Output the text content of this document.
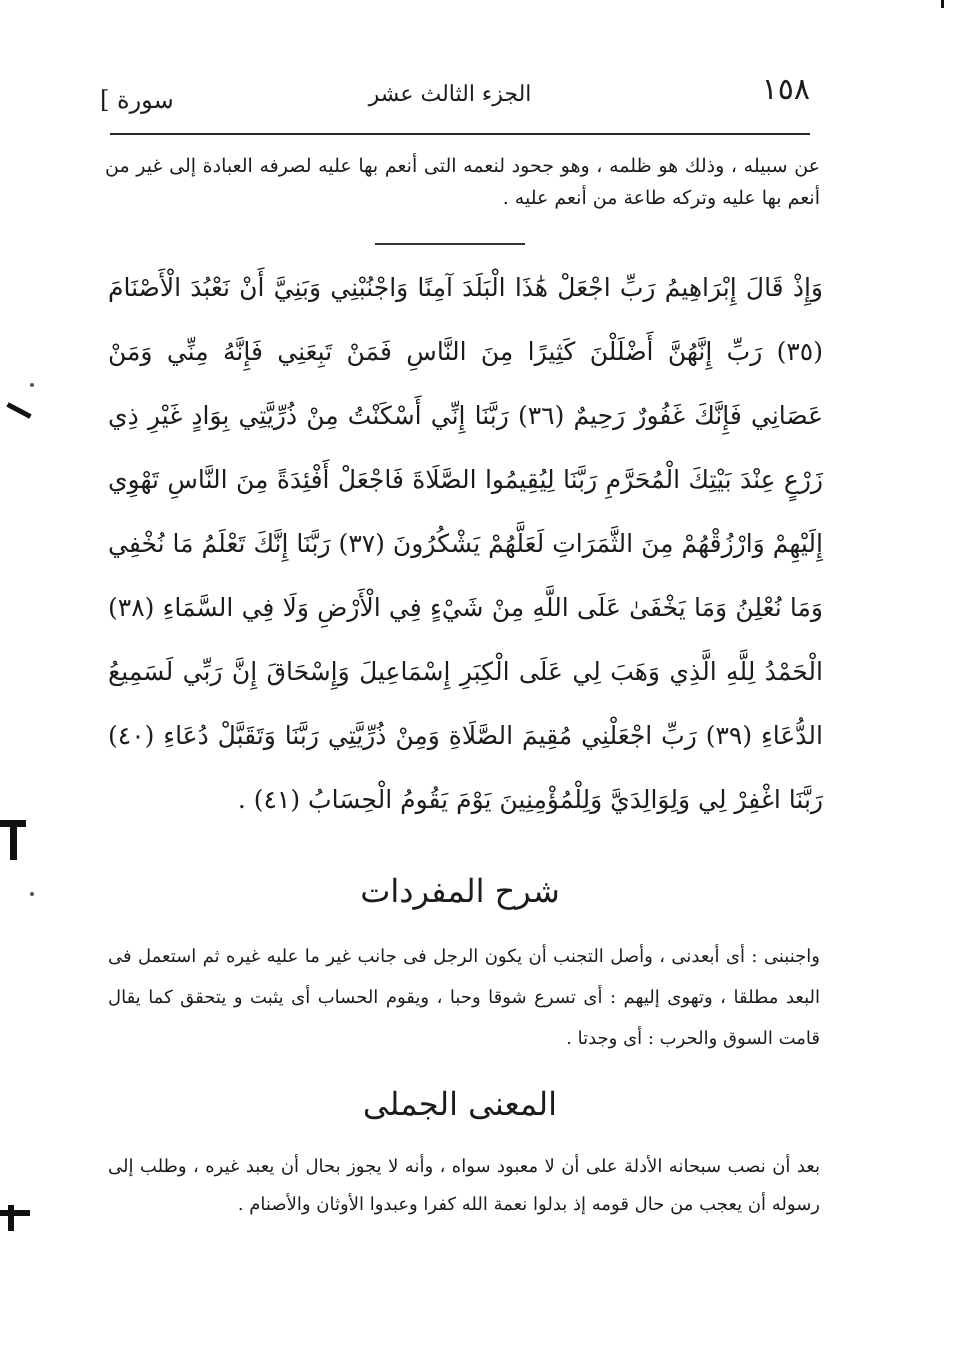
١٥٨
الجزء الثالث عشر
[ سورة
عن سبيله ، وذلك هو ظلمه ، وهو جحود لنعمه التى أنعم بها عليه لصرفه العبادة إلى غير من أنعم بها عليه وتركه طاعة من أنعم عليه .
وَإِذْ قَالَ إِبْرَاهِيمُ رَبِّ اجْعَلْ هَٰذَا الْبَلَدَ آمِنًا وَاجْنُبْنِي وَبَنِيَّ أَنْ نَعْبُدَ الْأَصْنَامَ (٣٥) رَبِّ إِنَّهُنَّ أَضْلَلْنَ كَثِيرًا مِنَ النَّاسِ فَمَنْ تَبِعَنِي فَإِنَّهُ مِنِّي وَمَنْ عَصَانِي فَإِنَّكَ غَفُورٌ رَحِيمٌ (٣٦) رَبَّنَا إِنِّي أَسْكَنْتُ مِنْ ذُرِّيَّتِي بِوَادٍ غَيْرِ ذِي زَرْعٍ عِنْدَ بَيْتِكَ الْمُحَرَّمِ رَبَّنَا لِيُقِيمُوا الصَّلَاةَ فَاجْعَلْ أَفْئِدَةً مِنَ النَّاسِ تَهْوِي إِلَيْهِمْ وَارْزُقْهُمْ مِنَ الثَّمَرَاتِ لَعَلَّهُمْ يَشْكُرُونَ (٣٧) رَبَّنَا إِنَّكَ تَعْلَمُ مَا نُخْفِي وَمَا نُعْلِنُ وَمَا يَخْفَىٰ عَلَى اللَّهِ مِنْ شَيْءٍ فِي الْأَرْضِ وَلَا فِي السَّمَاءِ (٣٨) الْحَمْدُ لِلَّهِ الَّذِي وَهَبَ لِي عَلَى الْكِبَرِ إِسْمَاعِيلَ وَإِسْحَاقَ إِنَّ رَبِّي لَسَمِيعُ الدُّعَاءِ (٣٩) رَبِّ اجْعَلْنِي مُقِيمَ الصَّلَاةِ وَمِنْ ذُرِّيَّتِي رَبَّنَا وَتَقَبَّلْ دُعَاءِ (٤٠) رَبَّنَا اغْفِرْ لِي وَلِوَالِدَيَّ وَلِلْمُؤْمِنِينَ يَوْمَ يَقُومُ الْحِسَابُ (٤١) .
شرح المفردات
واجنبنى : أى أبعدنى ، وأصل التجنب أن يكون الرجل فى جانب غير ما عليه غيره ثم استعمل فى البعد مطلقا ، وتهوى إليهم : أى تسرع شوقا وحبا ، ويقوم الحساب أى يثبت و يتحقق كما يقال قامت السوق والحرب : أى وجدتا .
المعنى الجملى
بعد أن نصب سبحانه الأدلة على أن لا معبود سواه ، وأنه لا يجوز بحال أن يعبد غيره ، وطلب إلى رسوله أن يعجب من حال قومه إذ بدلوا نعمة الله كفرا وعبدوا الأوثان والأصنام .
